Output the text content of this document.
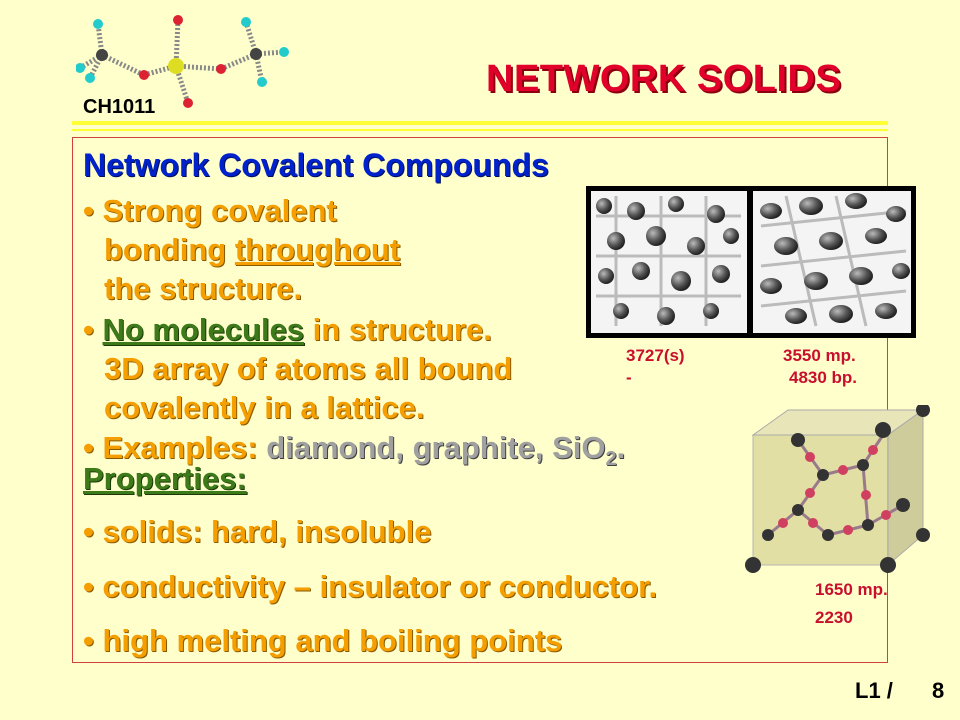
CH1011
NETWORK SOLIDS
Network Covalent Compounds
• Strong covalent
bonding throughout
the structure.
• No molecules in structure.
3D array of atoms all bound
covalently in a lattice.
• Examples: diamond, graphite, SiO$_2$.
Properties:
• solids: hard, insoluble
• conductivity – insulator or conductor.
• high melting and boiling points
3727(s)
-
3550 mp.
4830 bp.
1650 mp.
2230
L1 / 8
